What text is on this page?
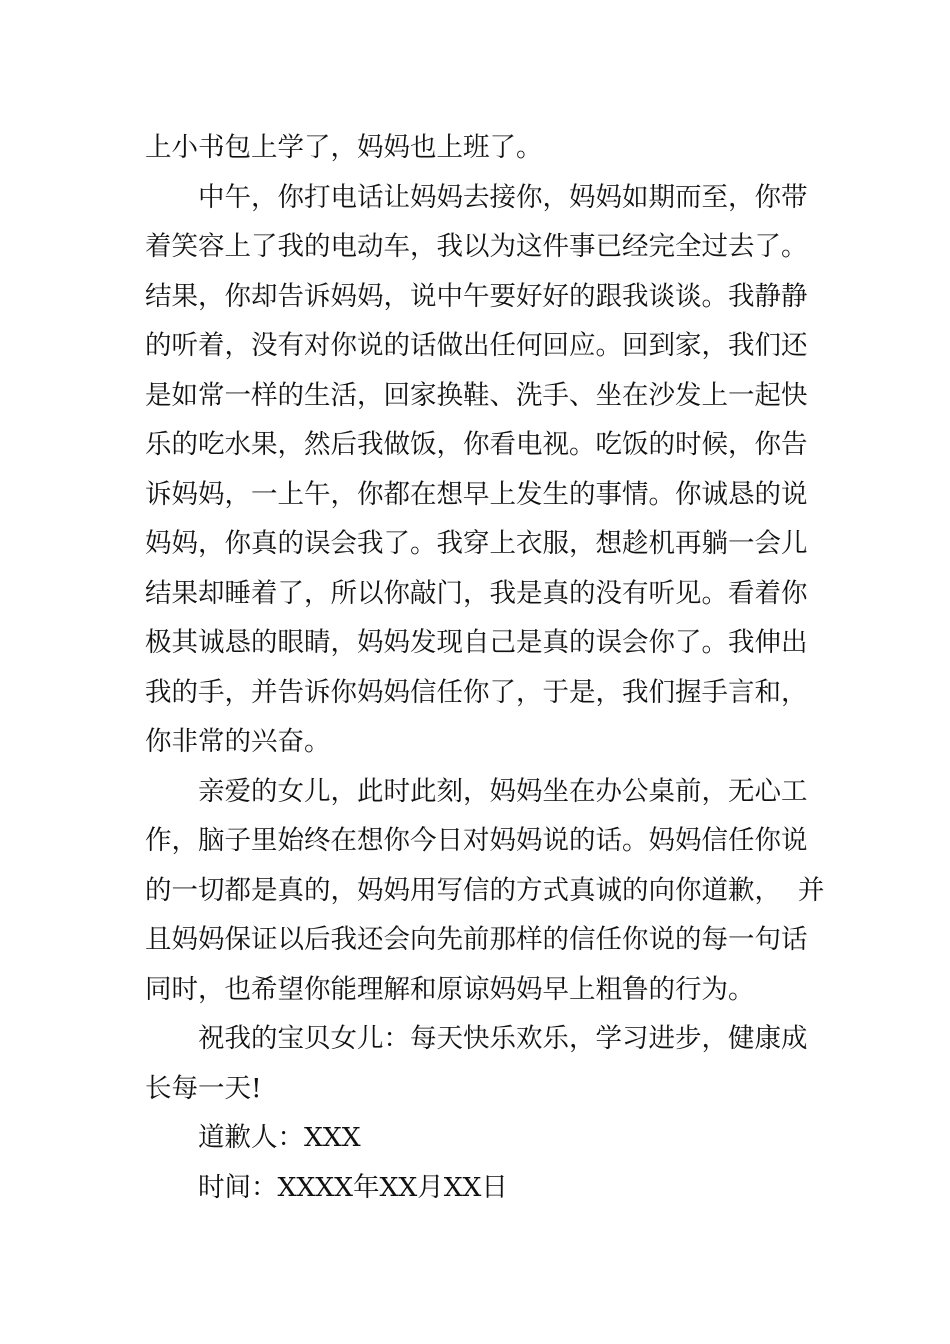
上小书包上学了，妈妈也上班了。
中午，你打电话让妈妈去接你，妈妈如期而至，你带
着笑容上了我的电动车，我以为这件事已经完全过去了。
结果，你却告诉妈妈，说中午要好好的跟我谈谈。我静静
的听着，没有对你说的话做出任何回应。回到家，我们还
是如常一样的生活，回家换鞋、洗手、坐在沙发上一起快
乐的吃水果，然后我做饭，你看电视。吃饭的时候，你告
诉妈妈，一上午，你都在想早上发生的事情。你诚恳的说
妈妈，你真的误会我了。我穿上衣服，想趁机再躺一会儿
结果却睡着了，所以你敲门，我是真的没有听见。看着你
极其诚恳的眼睛，妈妈发现自己是真的误会你了。我伸出
我的手，并告诉你妈妈信任你了，于是，我们握手言和，
你非常的兴奋。
亲爱的女儿，此时此刻，妈妈坐在办公桌前，无心工
作，脑子里始终在想你今日对妈妈说的话。妈妈信任你说
的一切都是真的，妈妈用写信的方式真诚的向你道歉，  并
且妈妈保证以后我还会向先前那样的信任你说的每一句话
同时，也希望你能理解和原谅妈妈早上粗鲁的行为。
祝我的宝贝女儿：每天快乐欢乐，学习进步，健康成
长每一天!
道歉人：XXX
时间：XXXX年XX月XX日
